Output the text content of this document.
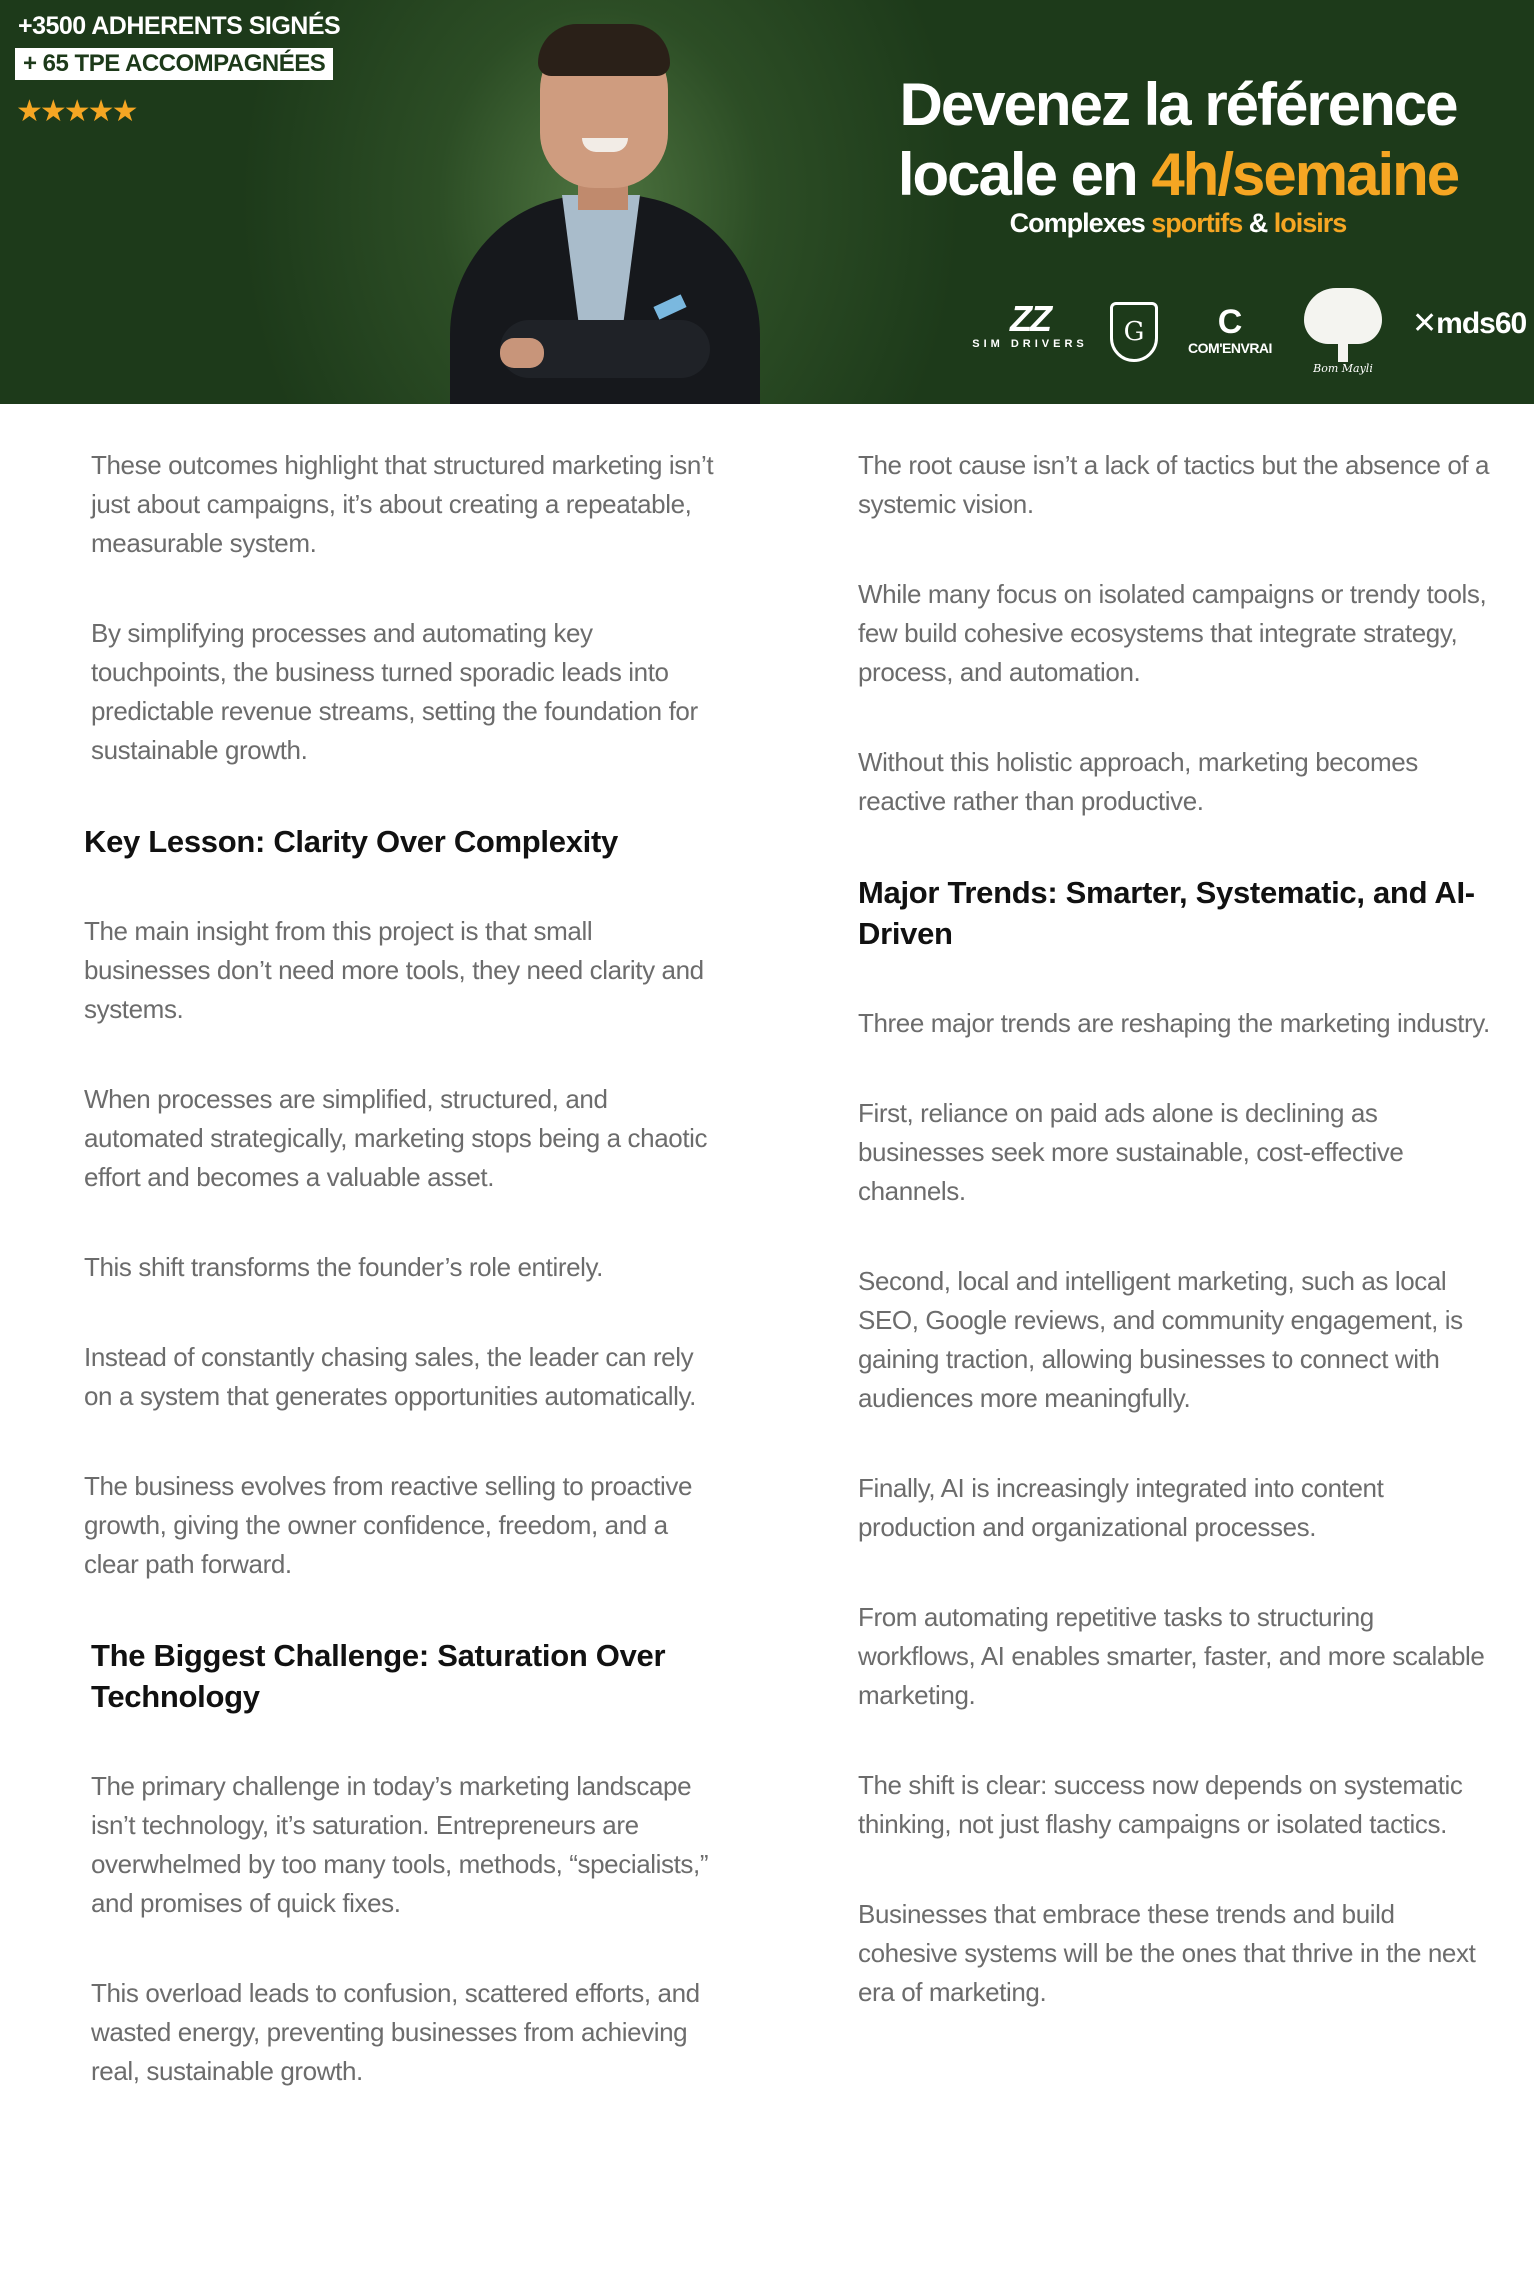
+3500 ADHERENTS SIGNÉS
+ 65 TPE ACCOMPAGNÉES
★★★★★	Devenez la référence
locale en 4h/semaine
Complexes sportifs & loisirs
ZZ
SIM DRIVERS	G	C
COM'ENVRAI
Bom Mayli
✕mds60

These outcomes highlight that structured marketing isn’t just about campaigns, it’s about creating a repeatable, measurable system.

By simplifying processes and automating key touchpoints, the business turned sporadic leads into predictable revenue streams, setting the foundation for sustainable growth.

Key Lesson: Clarity Over Complexity

The main insight from this project is that small businesses don’t need more tools, they need clarity and systems.

When processes are simplified, structured, and automated strategically, marketing stops being a chaotic effort and becomes a valuable asset.

This shift transforms the founder’s role entirely.

Instead of constantly chasing sales, the leader can rely on a system that generates opportunities automatically.

The business evolves from reactive selling to proactive growth, giving the owner confidence, freedom, and a clear path forward.

The Biggest Challenge: Saturation Over Technology

The primary challenge in today’s marketing landscape isn’t technology, it’s saturation. Entrepreneurs are overwhelmed by too many tools, methods, “specialists,” and promises of quick fixes.

This overload leads to confusion, scattered efforts, and wasted energy, preventing businesses from achieving real, sustainable growth.

The root cause isn’t a lack of tactics but the absence of a systemic vision.

While many focus on isolated campaigns or trendy tools, few build cohesive ecosystems that integrate strategy, process, and automation.

Without this holistic approach, marketing becomes reactive rather than productive.

Major Trends: Smarter, Systematic, and AI-Driven

Three major trends are reshaping the marketing industry.

First, reliance on paid ads alone is declining as businesses seek more sustainable, cost-effective channels.

Second, local and intelligent marketing, such as local SEO, Google reviews, and community engagement, is gaining traction, allowing businesses to connect with audiences more meaningfully.

Finally, AI is increasingly integrated into content production and organizational processes.

From automating repetitive tasks to structuring workflows, AI enables smarter, faster, and more scalable marketing.

The shift is clear: success now depends on systematic thinking, not just flashy campaigns or isolated tactics.

Businesses that embrace these trends and build cohesive systems will be the ones that thrive in the next era of marketing.
